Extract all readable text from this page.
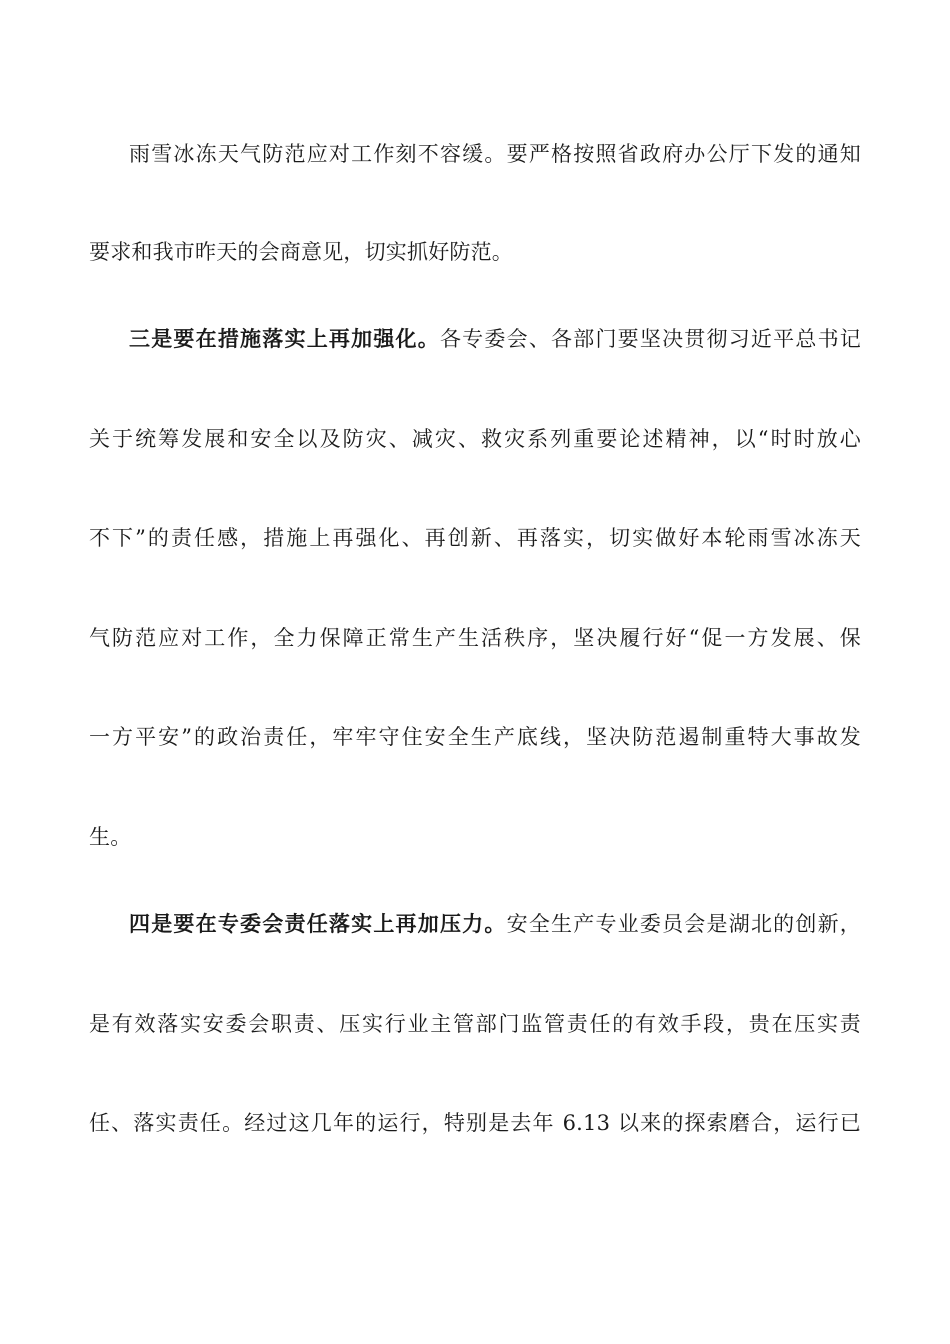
雨雪冰冻天气防范应对工作刻不容缓。要严格按照省政府办公厅下发的通知
要求和我市昨天的会商意见，切实抓好防范。
三是要在措施落实上再加强化。各专委会、各部门要坚决贯彻习近平总书记
关于统筹发展和安全以及防灾、减灾、救灾系列重要论述精神，以“时时放心
不下”的责任感，措施上再强化、再创新、再落实，切实做好本轮雨雪冰冻天
气防范应对工作，全力保障正常生产生活秩序，坚决履行好“促一方发展、保
一方平安”的政治责任，牢牢守住安全生产底线，坚决防范遏制重特大事故发
生。
四是要在专委会责任落实上再加压力。安全生产专业委员会是湖北的创新，
是有效落实安委会职责、压实行业主管部门监管责任的有效手段，贵在压实责
任、落实责任。经过这几年的运行，特别是去年 6.13 以来的探索磨合，运行已
